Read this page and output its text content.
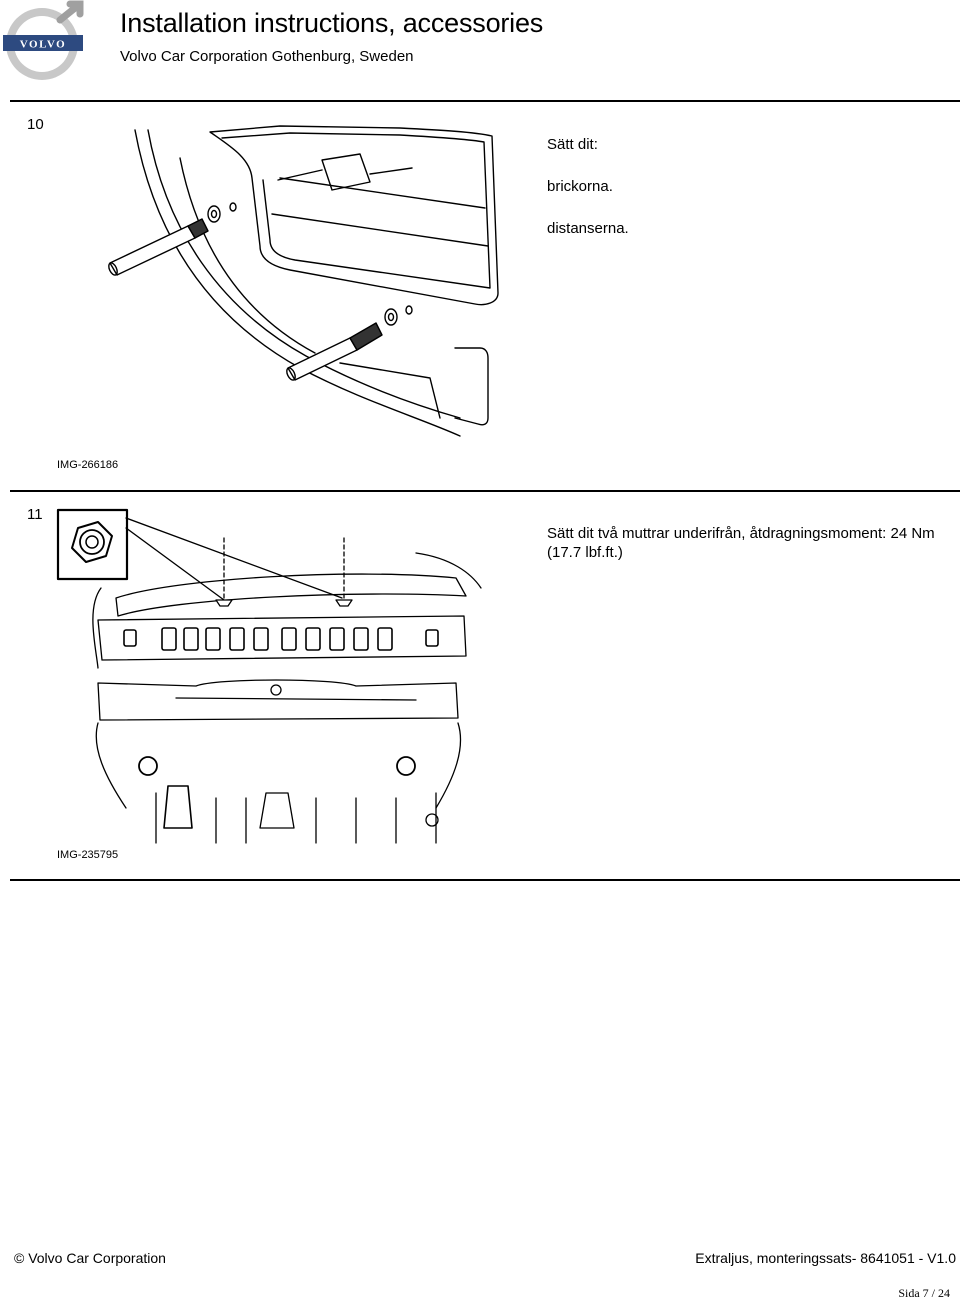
VOLVO
Installation instructions, accessories
Volvo Car Corporation Gothenburg, Sweden
10
Sätt dit:
brickorna.
distanserna.
IMG-266186
11
Sätt dit två muttrar underifrån, åtdragningsmoment: 24 Nm (17.7 lbf.ft.)
IMG-235795
© Volvo Car Corporation	Extraljus, monteringssats- 8641051 - V1.0
Sida 7 / 24
